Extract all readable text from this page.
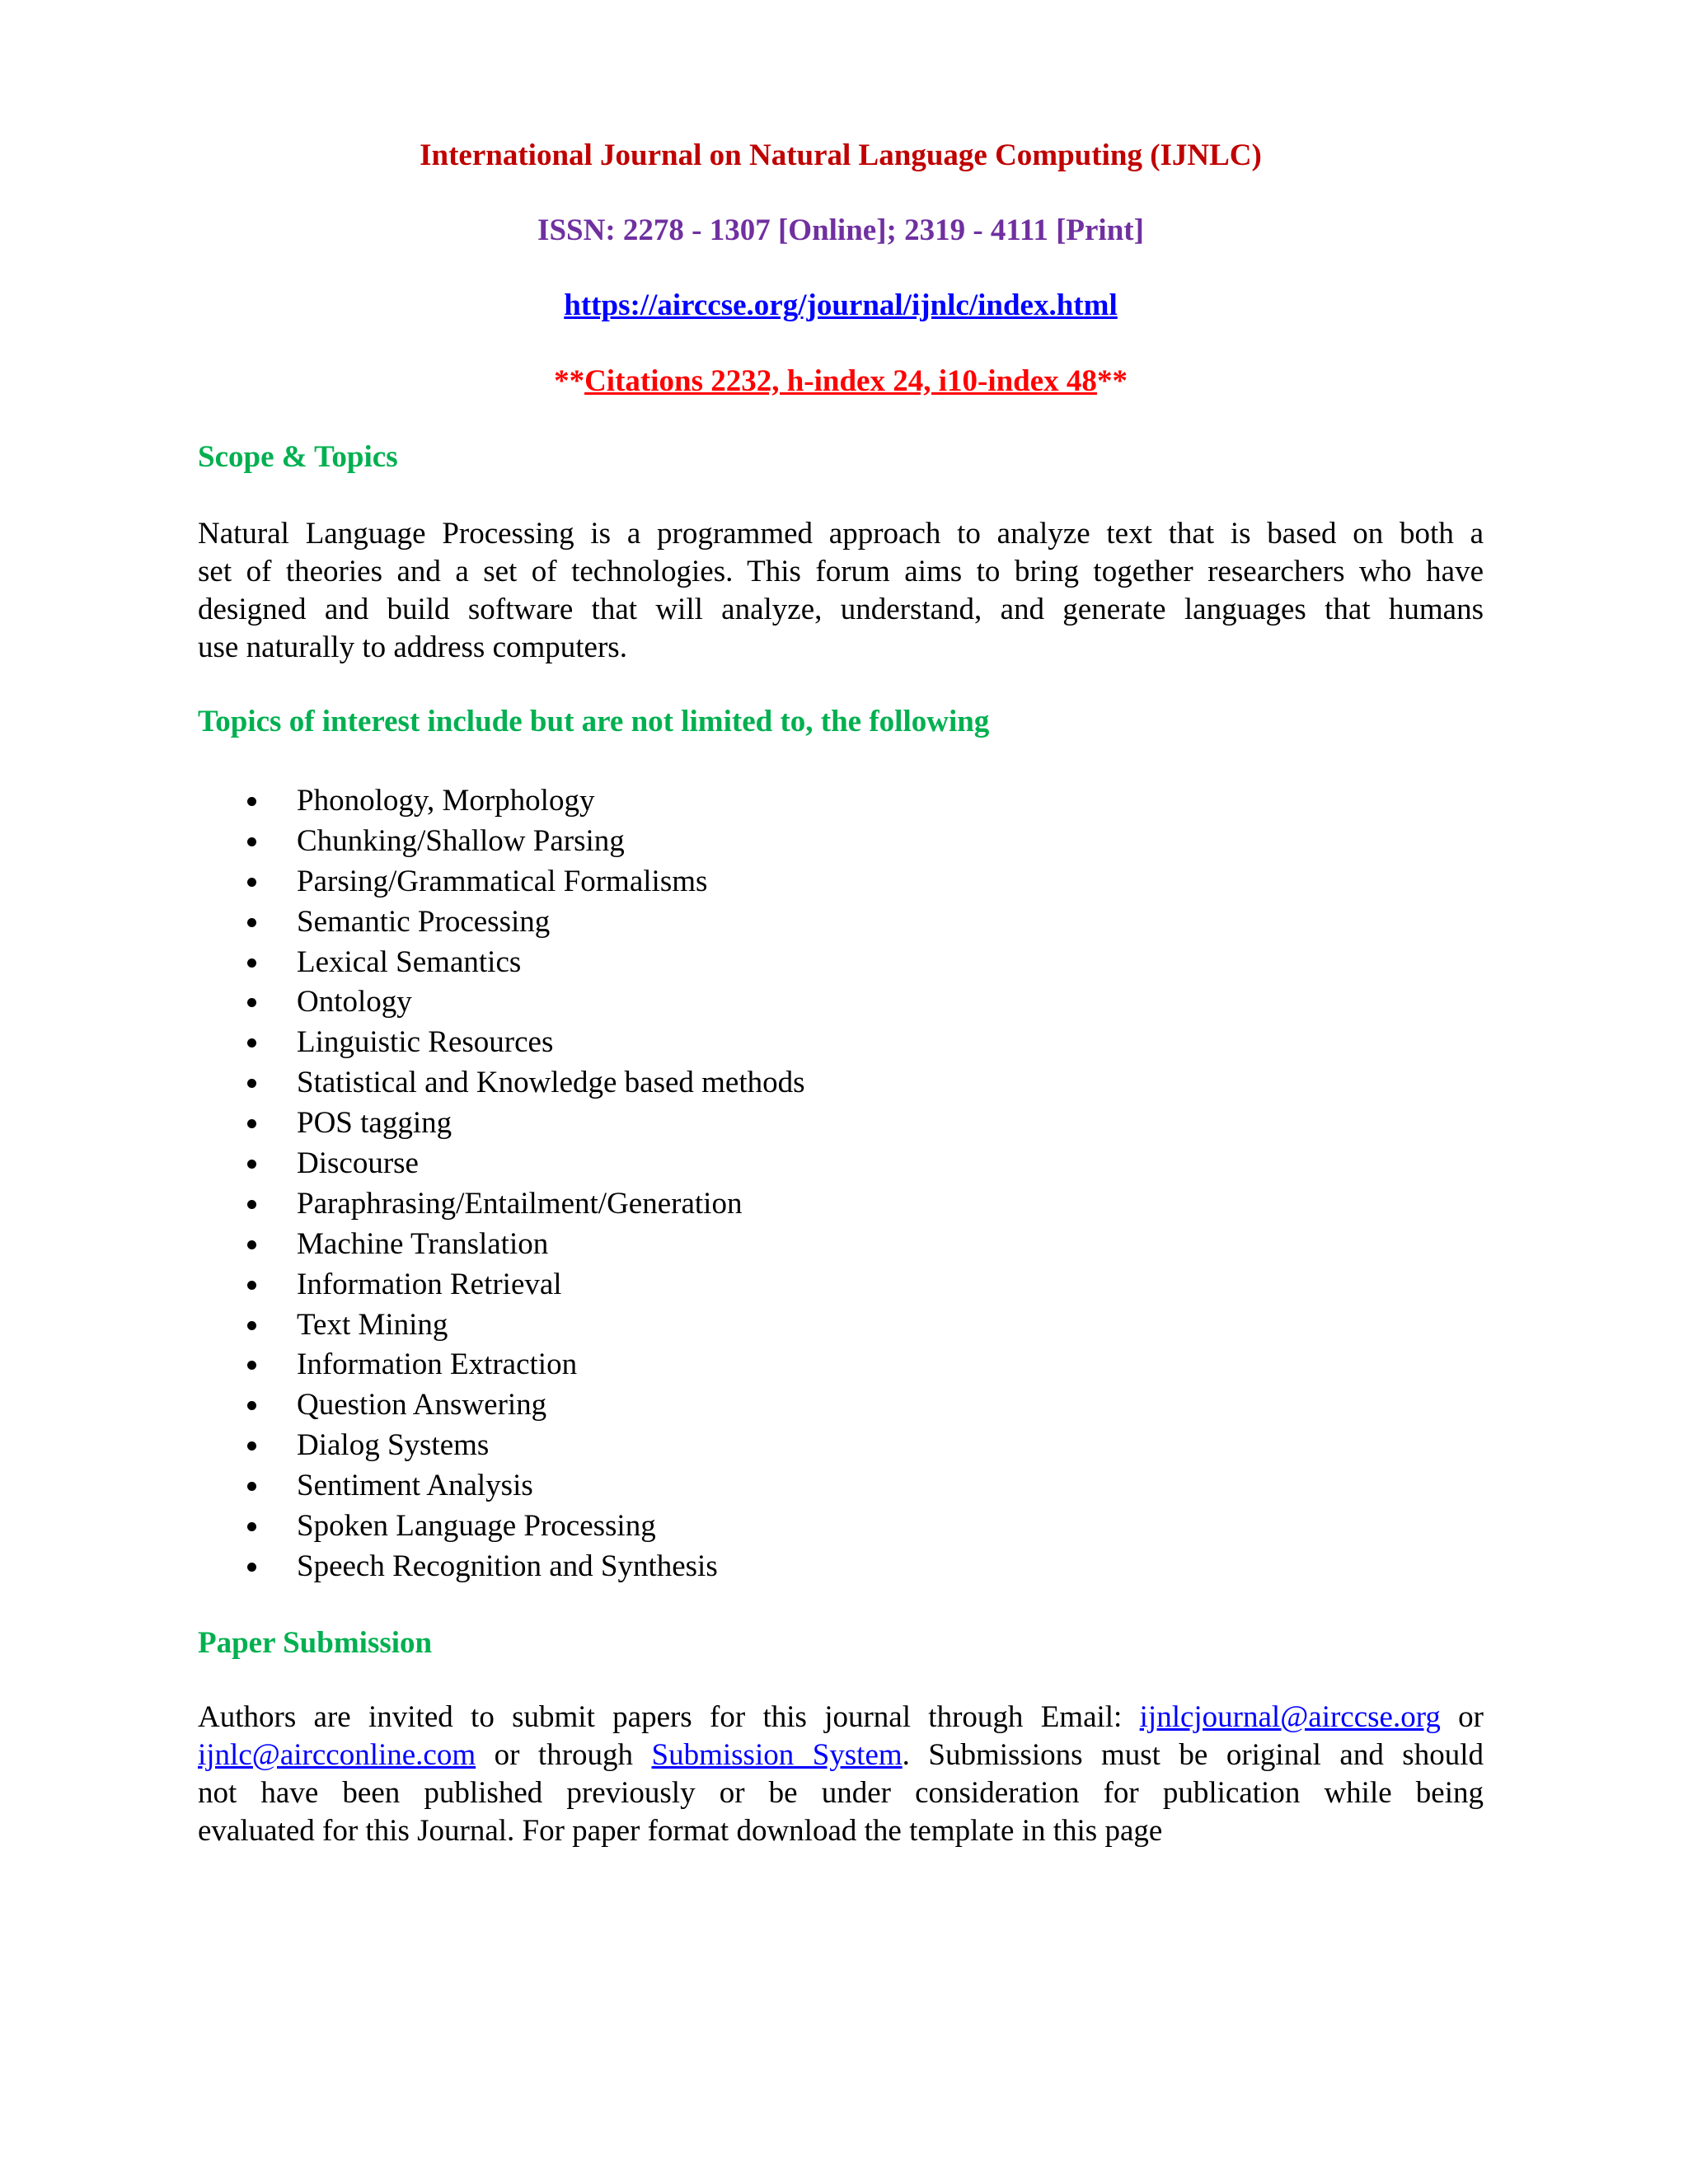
International Journal on Natural Language Computing (IJNLC)
ISSN: 2278 - 1307 [Online]; 2319 - 4111 [Print]
https://airccse.org/journal/ijnlc/index.html
**Citations 2232, h-index 24, i10-index 48**
Scope & Topics
Natural Language Processing is a programmed approach to analyze text that is based on both a
set of theories and a set of technologies. This forum aims to bring together researchers who have
designed and build software that will analyze, understand, and generate languages that humans
use naturally to address computers.
Topics of interest include but are not limited to, the following
Phonology, Morphology
Chunking/Shallow Parsing
Parsing/Grammatical Formalisms
Semantic Processing
Lexical Semantics
Ontology
Linguistic Resources
Statistical and Knowledge based methods
POS tagging
Discourse
Paraphrasing/Entailment/Generation
Machine Translation
Information Retrieval
Text Mining
Information Extraction
Question Answering
Dialog Systems
Sentiment Analysis
Spoken Language Processing
Speech Recognition and Synthesis
Paper Submission
Authors are invited to submit papers for this journal through Email: ijnlcjournal@airccse.org or
ijnlc@aircconline.com or through Submission System. Submissions must be original and should
not have been published previously or be under consideration for publication while being
evaluated for this Journal. For paper format download the template in this page
